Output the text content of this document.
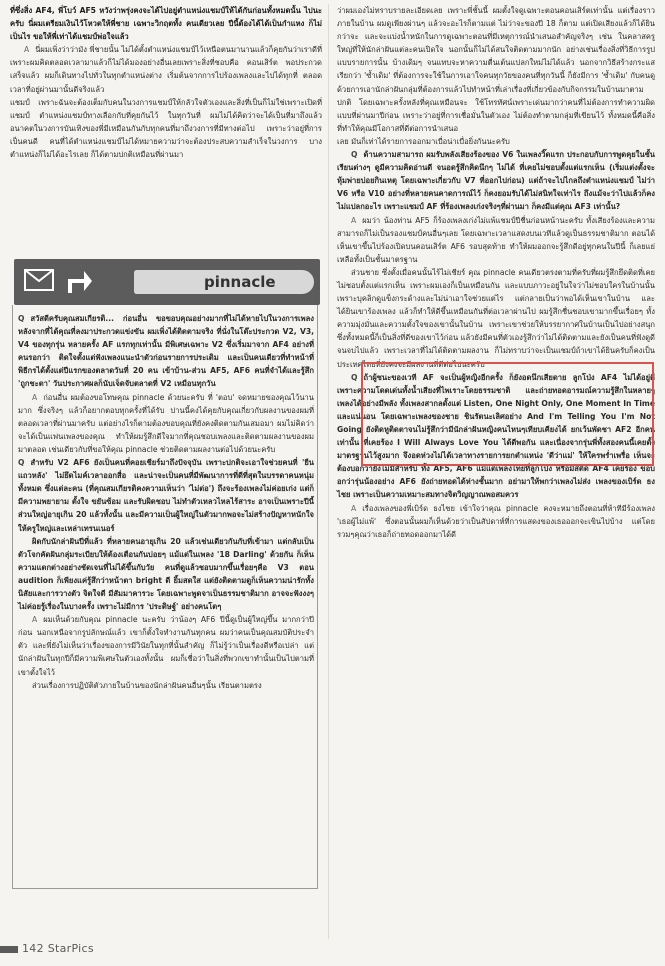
ที่ซึ่งสิ่ง AF4, พี่โบว์ AF5 หวังว่าพรุ่งคงจะได้ไปอยู่ตำแหน่งแชมป์ให้ได้กันก่อนทั้งหมดนั้น ไปนะครับ นี่ผมเตรียมเงินไว้โหวตให้พี่ชาย เฉพาะวิกฤตทั้ง คนเดียวเลย ปีนี้ต้องได้ได้เป็นกำแหง ก็ไม่เป็นไร ขอให้พี่เท่าได้แชมป์พ่อใจแล้ว

A นี่ผมเพิ่งว่าว่ามัง พี่ชายนั้น ไม่ได้ตั้งตำแหน่งแชมป์ไว้เหนือตนมานานแล้วก็คุยกันว่าเราดีที่ เพราะผมคิดตลอดเวลามาแล้วก็ไม่ได้มองอย่างอื่นเลยเพราะสิ่งที่ชอบคือ คอนเสิร์ต พอประกวดเสร็จแล้ว ผมก็เดินทางไปทั่วในทุกตำแหน่งต่าง เริ่มต้นจากการไปร้องเพลงและไปได้ทุกที่ ตลอดเวลาที่อยู่ผ่านมานั้นดีจริงแล้ว

แชมป์ เพราะฉันจะต้องเต็มกับคนในวงการแชมป์ให้กลัวใจตัวเองและสิ่งที่เป็นก็ไม่ใช่เพราะเปิดที่แชมป์ ตำแหน่งแชมป์ทางเลือกกับที่คุยกันไว้ ในทุกวันที่ ผมไม่ได้คิดว่าจะได้เป็นที่มาถึงแล้ว อนาคตในวงการบันเทิงของพี่มีเหมือนกันกับทุกคนที่มาถึงวงการที่มีทางต่อไป เพราะว่าอยู่ที่การเป็นคนดี คนที่ได้ตำแหน่งแชมป์ไม่ได้หมายความว่าจะต้องประสบความสำเร็จในวงการ บางตำแหน่งก็ไม่ได้อะไรเลย ก็ได้ตามปกติเหมือนที่ผ่านมา

pinnacle

Q สวัสดีครับคุณสมเกียรติ... ก่อนอื่น ขอขอบคุณอย่างมากที่ไม่ได้หายไปในวงการเพลงหลังจากที่ได้คุณที่ลงมาประกวดแข่งขัน ผมเพิ่งได้ติดตามจริง ที่นั่งในโต๊ะประกวด V2, V3, V4 ของทุกรุ่น หลายครั้ง AF แรกทุกเท่านั้น มีพิเศษเฉพาะ V2 ซึ่งเริ่มมาจาก AF4 อย่างที่คนรอกว่า ติดใจตั้งแต่ฟังเพลงแนะนำตัวก่อนรายการประเดิม และเป็นคนเดียวที่ทำหน้าที่พิธีกรได้ตั้งแต่ปีแรกของตลาดวันที่ 20 คน เข้าบ้าน-ส่วน AF5, AF6 คนที่จำได้และรู้สึก 'ถูกชะตา' วันประกาศผลก็นับเจ็ดจับตลาดที่ V2 เหมือนทุกวัน

A ก่อนอื่น ผมต้องขอโทษคุณ pinnacle ด้วยนะครับ ที่ 'ตอบ' จดหมายของคุณไว้นานมาก ซึ่งจริงๆ แล้วก็อยากตอบทุกครั้งที่ได้รับ ปานนี้คงได้คุยกับคุณเกี่ยวกับผลงานของผมที่ตลอดเวลาที่ผ่านมาครับ แต่อย่างไรก็ตามต้องขอบคุณที่ยังคงติดตามกันเสมอมา ผมไม่คิดว่าจะได้เป็นแฟนเพลงของคุณ ทำให้ผมรู้สึกดีใจมากที่คุณชอบเพลงและติดตามผลงานของผมมาตลอด เช่นเดียวกับที่ขอให้คุณ pinnacle ช่วยติดตามผลงานต่อไปด้วยนะครับ

Q สำหรับ V2 AF6 ยังเป็นคนที่คอยเชียร์มาถึงปัจจุบัน เพราะปกติจะเอาใจช่วยคนที่ 'ยืนแถวหลัง' ไม่ยึดไมค์เวลาออกสื่อ และน่าจะเป็นคนที่มีพัฒนาการที่ดีที่สุดในบรรดาคนหนุ่มทั้งหมด ซึ่งแต่ละคน (ที่คุณสมเกียรติคงความเห็นว่า 'ไม่ต่อ') ถึงจะร้องเพลงไม่ค่อยเก่ง แต่ก็มีความพยายาม ตั้งใจ ขยันซ้อม และรับผิดชอบ ไม่ทำตัวเหลวไหลไร้สาระ อาจเป็นเพราะปีนี้ส่วนใหญ่อายุเกิน 20 แล้วทั้งนั้น และมีความเป็นผู้ใหญ่ในตัวมากพอจะไม่สร้างปัญหาหนักใจให้ครูใหญ่และเหล่าเทรนเนอร์

ผิดกับนักล่าฝันปีที่แล้ว ที่หลายคนอายุเกิน 20 แล้วเช่นเดียวกันกับที่เข้ามา แต่กลับเป็นตัวโจกคัดฝันกลุ่มระเบียบให้ต้องเตือนกันบ่อยๆ แม้แต่ในเพลง '18 Darling' ด้วยกัน ก็เห็นความแตกต่างอย่างชัดเจนที่ไม่ได้ขึ้นกับวัย คนที่ดูแล้วชอบมากขึ้นเรื่อยๆคือ V3 ตอน audition ก็เพียงแค่รู้สึกว่าหน้าตา bright ดี ยิ้มสดใส แต่ยังติดตามดูก็เห็นความน่ารักทั้งนิสัยและการวางตัว จิตใจดี มีสัมมาคารวะ โดยเฉพาะพูดจาเป็นธรรมชาติมาก อาจจะฟังงงๆไม่ค่อยรู้เรื่องในบางครั้ง เพราะไม่มีการ 'ประดิษฐ์' อย่างคนโตๆ

A ผมเห็นด้วยกับคุณ pinnacle นะครับ ว่าน้องๆ AF6 ปีนี้ดูเป็นผู้ใหญ่ขึ้น มากกว่าปีก่อน นอกเหนือจากรูปลักษณ์แล้ว เขาก็ตั้งใจทำงานกันทุกคน ผมว่าคนเป็นคุณสมบัติประจำตัว และพี่ยังไม่เห็นว่าเรื่องของการมีวินัยในทุกที่นั้นสำคัญ ก็ไม่รู้ว่าเป็นเรื่องดีหรือเปล่า แต่นักล่าฝันในทุกปีก็มีความพิเศษในตัวเองทั้งนั้น ผมก็เชื่อว่าในสิ่งที่พวกเขาทำนั้นเป็นไปตามที่เขาตั้งใจไว้

ส่วนเรื่องการปฏิบัติตัวภายในบ้านของนักล่าฝันคนอื่นๆนั้น เรียนตามตรง

ว่าผมเองไม่ทราบรายละเอียดเลย เพราะพี่ชั้นนี้ ผมตั้งใจดูเฉพาะตอนคอนเสิร์ตเท่านั้น แต่เรื่องราวภายในบ้าน ผมดูเพียงผ่านๆ แล้วจะอะไรก็ตามแต่ ไม่ว่าจะของปี 18 ก็ตาม แต่เปิดเสียงแล้วก็ได้ยินกว่าจะ และจะแบ่งน้ำหนักในการดูเฉพาะตอนที่มีเหตุการณ์นำเสนอสำคัญจริงๆ เช่น ในคลาสครูใหญ่ที่ให้นักล่าฝันแต่ละคนเปิดใจ นอกนั้นก็ไม่ได้สนใจติดตามมากนัก อย่างเช่นเรื่องสิ่งที่วิธีการรูปแบบรายการนั้น บ้างเดิมๆ จนแทบจะหาความตื่นเต้นแปลกใหม่ไม่ได้แล้ว นอกจากวิธีสร้างกระแสเรียกว่า 'ซ้ำเดิม' ที่ต้องการจะใช้ในการเอาใจคนทุกวัยของคนที่ทุกวันนี้ ก็ยังมีการ 'ซ้ำเดิม' กับคนดู ด้วยการเอานักล่าฝันกลุ่มที่ต้องการแล้วไปทำหน้าที่เล่าเรื่องที่เกี่ยวข้องกับกิจกรรมในบ้านมาตามปกติ โดยเฉพาะครั้งหลังที่คุณเหมือนจะ ใช้โทรทัศน์เพราะเด่นมากว่าคนที่ไม่ต้องการทำความผิดแบบที่ผ่านมาปีก่อน เพราะว่าอยู่ที่การเชื่อมั่นในตัวเอง ไม่ต้องทำตามกลุ่มที่เขียนไว้ ทั้งหมดนี้คือสิ่งที่ทำให้คุณมีโอกาสที่ดีต่อการนำเสนอ

เลย มันก็เท่าได้รายการออกมาเบื่อน่าเบื่อยิ่งกันนะครับ

Q ด้านความสามารถ ผมรับพลังเสียงร้องของ V6 ในเพลงวิ๊ดแรก ประกอบกับการพูดคุยในชั้นเรียนต่างๆ ดูมีความคิดอ่านดี จนอดรู้สึกคิดนึกๆ ไม่ได้ ที่เคยไม่ชอบตั้งแต่แรกเห็น (เริ่มแต่งตั้งจะหุ้มพ่ายบ่อยกินเหตุ โดยเฉพาะเกี่ยวกับ V7 ที่ออกไปก่อน) แต่ถ้าจะไปไกลถึงตำแหน่งแชมป์ ไม่ว่า V6 หรือ V10 อย่างที่หลายคนคาดการณ์ไว้ ก็คงยอมรับได้ไม่สนิทใจเท่าไร ถึงแม้จะว่าไปแล้วก็คงไม่แปลกอะไร เพราะแชมป์ AF ที่ร้องเพลงเก่งจริงๆที่ผ่านมา ก็คงมีแต่คุณ AF3 เท่านั้น?

A ผมว่า น้องท่าน AF5 ก็ร้องเพลงเก่งไม่แพ้แชมป์ปีชื่นก่อนหน้านะครับ ทั้งเสียงร้องและความสามารถก็ไม่เป็นรองแชมป์คนอื่นๆเลย โดยเฉพาะเวลาแสดงบนเวทีแล้วดูเป็นธรรมชาติมาก ตอนได้เห็นเขาขึ้นไปร้องเปิดบนคอนเสิร์ต AF6 รอบสุดท้าย ทำให้ผมออกจะรู้สึกดีอยู่ทุกคนในปีนี้ ก็เลยแย่เหลือทั้งเป็นชั้นมาตรฐาน

ส่วนชาย ซึ่งตั้งเมื่อคนนั้นไร้ไม่เชียร์ คุณ pinnacle คนเดียวตรงตามที่ครับที่ผมรู้สึกยึดติดที่เคยไม่ชอบตั้งแต่แรกเห็น เพราะผมเองก็เป็นเหมือนกัน และแบบภาวะอยู่ในใจว่าไม่ชอบใครในบ้านนั้น เพราะบุคลิกดูแข็งกระด้างและไม่น่าเอาใจช่วยแต่ไร แต่กลายเป็นว่าพอได้เห็นเขาในบ้าน และได้ยินเขาร้องเพลง แล้วก็ทำให้ดีขึ้นเหมือนกันที่ต่อเวลาผ่านไป ผมรู้สึกชื่นชอบเขามากขึ้นเรื่อยๆ ทั้งความมุ่งมั่นและความตั้งใจของเขานั้นในบ้าน เพราะเขาช่วยให้บรรยากาศในบ้านเป็นไปอย่างสนุก ซึ่งทั้งหมดนี้ก็เป็นสิ่งที่ดีของเขาไว้ก่อน แล้วยังมีคนที่ตัวเองรู้สึกว่าไม่ได้ติดตามและยังเป็นคนที่ฟังดูดีจนจบไปแล้ว เพราะเวลาที่ไม่ได้ติดตามผลงาน ก็ไม่ทราบว่าจะเป็นแชมป์ถ้าเขาได้ยินครับก็คงเป็นประเทศไทยที่ยังคงจะมีผลงานที่ดีต่อไปนะครับ

Q ถ้าผู้ชนะของเวที AF จะเป็นผู้หญิงอีกครั้ง ก็ยังอดนึกเสียดาย ลูกโป่ง AF4 ไม่ได้อยู่ดี เพราะความโดดเด่นทั้งน้ำเสียงที่ไพเราะโดยธรรมชาติ และถ่ายทอดอารมณ์ความรู้สึกในหลายๆเพลงได้อย่างมีพลัง ทั้งเพลงสากลดั้งแต่ Listen, One Night Only, One Moment In Time และแน่นอน โดยเฉพาะเพลงของชาย ชินรัตนะเลิศอย่าง And I'm Telling You I'm Not Going ยังติดหูติดตาจนไม่รู้สึกว่ามีนักล่าฝันหญิงคนไหนๆเทียบเคียงได้ ยกเว้นพัดชา AF2 อีกคนเท่านั้น ที่เคยร้อง I Will Always Love You ได้ดีพอกัน และเนื่องจากรุ่นพี่ทั้งสองคนนี้เคยตั้งมาตรฐานไว้สูงมาก จึงอดห่วงไม่ได้เวลาทางรายการยกตำแหน่ง 'ดีว่าแม่' ให้ใครพร่ำเพรื่อ เห็นจะต้องบอกว่ายังไม่มีสำหรับ ทั้ง AF5, AF6 แม้แต่เพลงไทยที่ลูกโป่ง หรือมิสติด AF4 เคยร้อง ขอบอกว่ารุ่นน้องอย่าง AF6 ยังถ่ายทอดได้ห่างชั้นมาก อย่ามาให้พกว่าเพลงไม่ส่ง เพลงของเบิร์ด ธงไชย เพราะเป็นความเหมาะสมทางจิตวิญญาณพอสมควร

A เรื่องเพลงของพี่เบิร์ด ธงไชย เข้าใจว่าคุณ pinnacle คงจะหมายถึงตอนที่ห้าทีมีร้องเพลง 'เธอผู้ไม่แพ้' ซึ่งตอนนั้นผมก็เห็นด้วยว่าเป็นสัปดาห์ที่การแสดงของเธอออกจะเขินไปบ้าง แต่โดยรวมๆคุณว่าเธอก็ถ่ายทอดออกมาได้ดี

142 StarPics
